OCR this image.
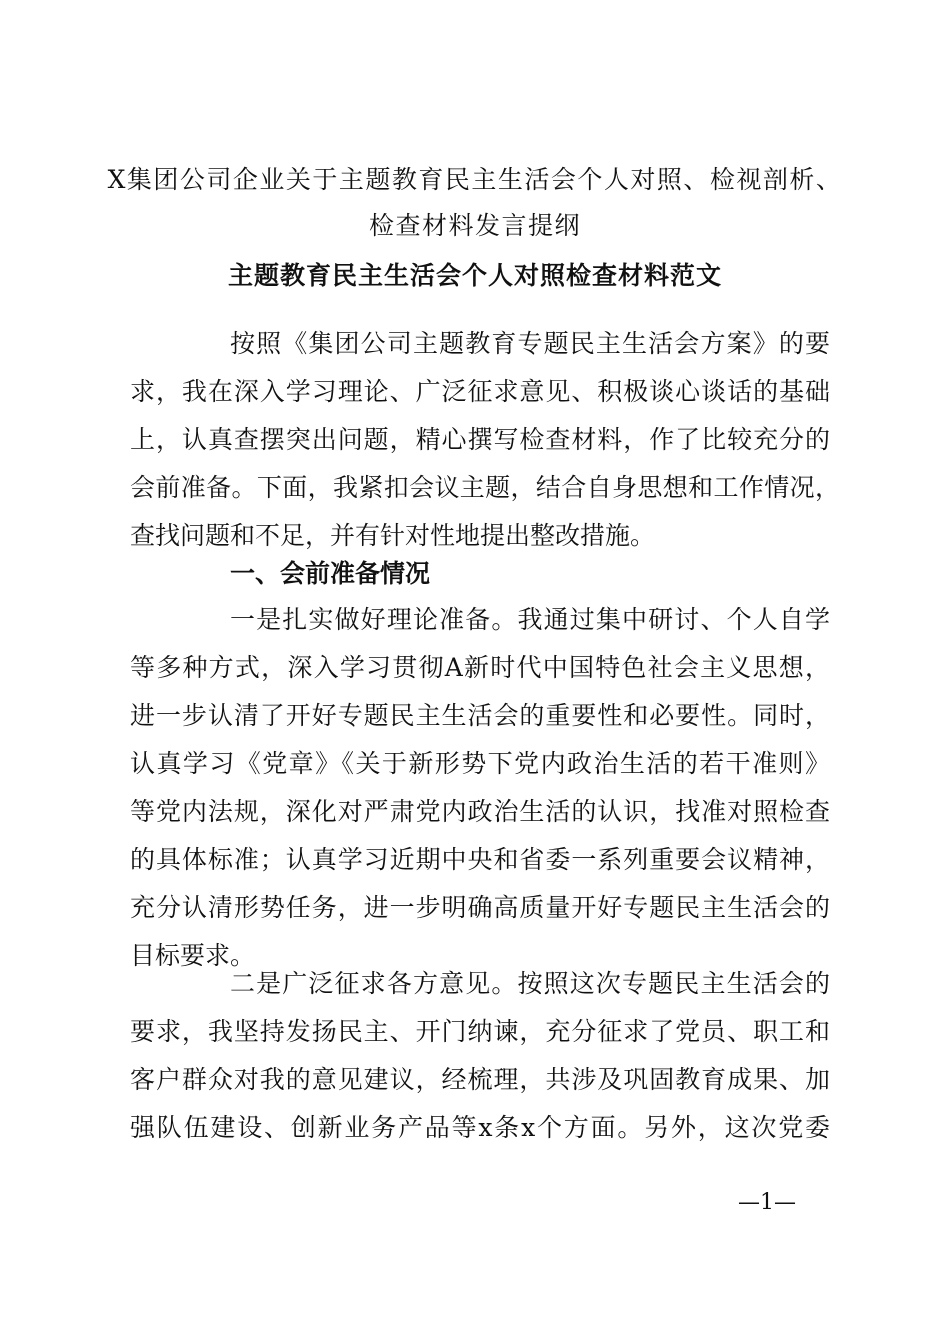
X集团公司企业关于主题教育民主生活会个人对照、检视剖析、
检查材料发言提纲
主题教育民主生活会个人对照检查材料范文
按照《集团公司主题教育专题民主生活会方案》的要
求，我在深入学习理论、广泛征求意见、积极谈心谈话的基础
上，认真查摆突出问题，精心撰写检查材料，作了比较充分的
会前准备。下面，我紧扣会议主题，结合自身思想和工作情况，
查找问题和不足，并有针对性地提出整改措施。
一、会前准备情况
一是扎实做好理论准备。我通过集中研讨、个人自学
等多种方式，深入学习贯彻A新时代中国特色社会主义思想，
进一步认清了开好专题民主生活会的重要性和必要性。同时，
认真学习《党章》《关于新形势下党内政治生活的若干准则》
等党内法规，深化对严肃党内政治生活的认识，找准对照检查
的具体标准；认真学习近期中央和省委一系列重要会议精神，
充分认清形势任务，进一步明确高质量开好专题民主生活会的
目标要求。
二是广泛征求各方意见。按照这次专题民主生活会的
要求，我坚持发扬民主、开门纳谏，充分征求了党员、职工和
客户群众对我的意见建议，经梳理，共涉及巩固教育成果、加
强队伍建设、创新业务产品等x条x个方面。另外，这次党委
—1—
